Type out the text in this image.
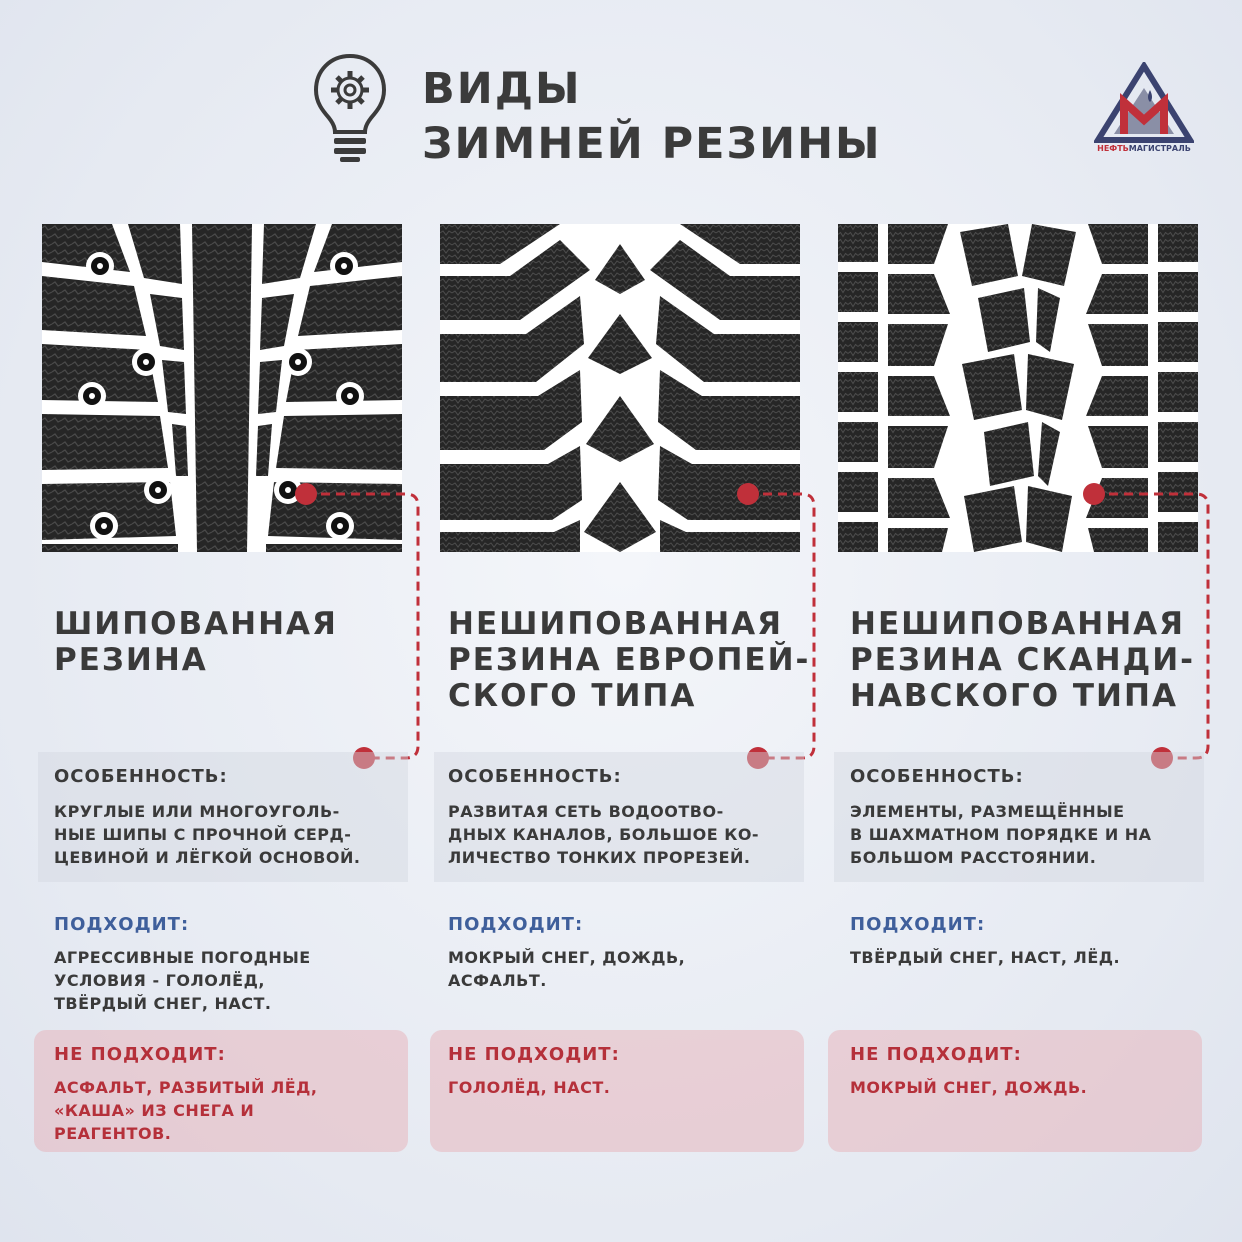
ВИДЫ
ЗИМНЕЙ РЕЗИНЫ	НЕФТЬМАГИСТРАЛЬ
ШИПОВАННАЯ
РЕЗИНА
ОСОБЕННОСТЬ:
КРУГЛЫЕ ИЛИ МНОГОУГОЛЬ-
НЫЕ ШИПЫ С ПРОЧНОЙ СЕРД-
ЦЕВИНОЙ И ЛЁГКОЙ ОСНОВОЙ.
ПОДХОДИТ:
АГРЕССИВНЫЕ ПОГОДНЫЕ
УСЛОВИЯ - ГОЛОЛЁД,
ТВЁРДЫЙ СНЕГ, НАСТ.
НЕ ПОДХОДИТ:
АСФАЛЬТ, РАЗБИТЫЙ ЛЁД,
«КАША» ИЗ СНЕГА И
РЕАГЕНТОВ.
НЕШИПОВАННАЯ
РЕЗИНА ЕВРОПЕЙ-
СКОГО ТИПА
ОСОБЕННОСТЬ:
РАЗВИТАЯ СЕТЬ ВОДООТВО-
ДНЫХ КАНАЛОВ, БОЛЬШОЕ КО-
ЛИЧЕСТВО ТОНКИХ ПРОРЕЗЕЙ.
ПОДХОДИТ:
МОКРЫЙ СНЕГ, ДОЖДЬ,
АСФАЛЬТ.
НЕ ПОДХОДИТ:
ГОЛОЛЁД, НАСТ.
НЕШИПОВАННАЯ
РЕЗИНА СКАНДИ-
НАВСКОГО ТИПА
ОСОБЕННОСТЬ:
ЭЛЕМЕНТЫ, РАЗМЕЩЁННЫЕ
В ШАХМАТНОМ ПОРЯДКЕ И НА
БОЛЬШОМ РАССТОЯНИИ.
ПОДХОДИТ:
ТВЁРДЫЙ СНЕГ, НАСТ, ЛЁД.
НЕ ПОДХОДИТ:
МОКРЫЙ СНЕГ, ДОЖДЬ.
